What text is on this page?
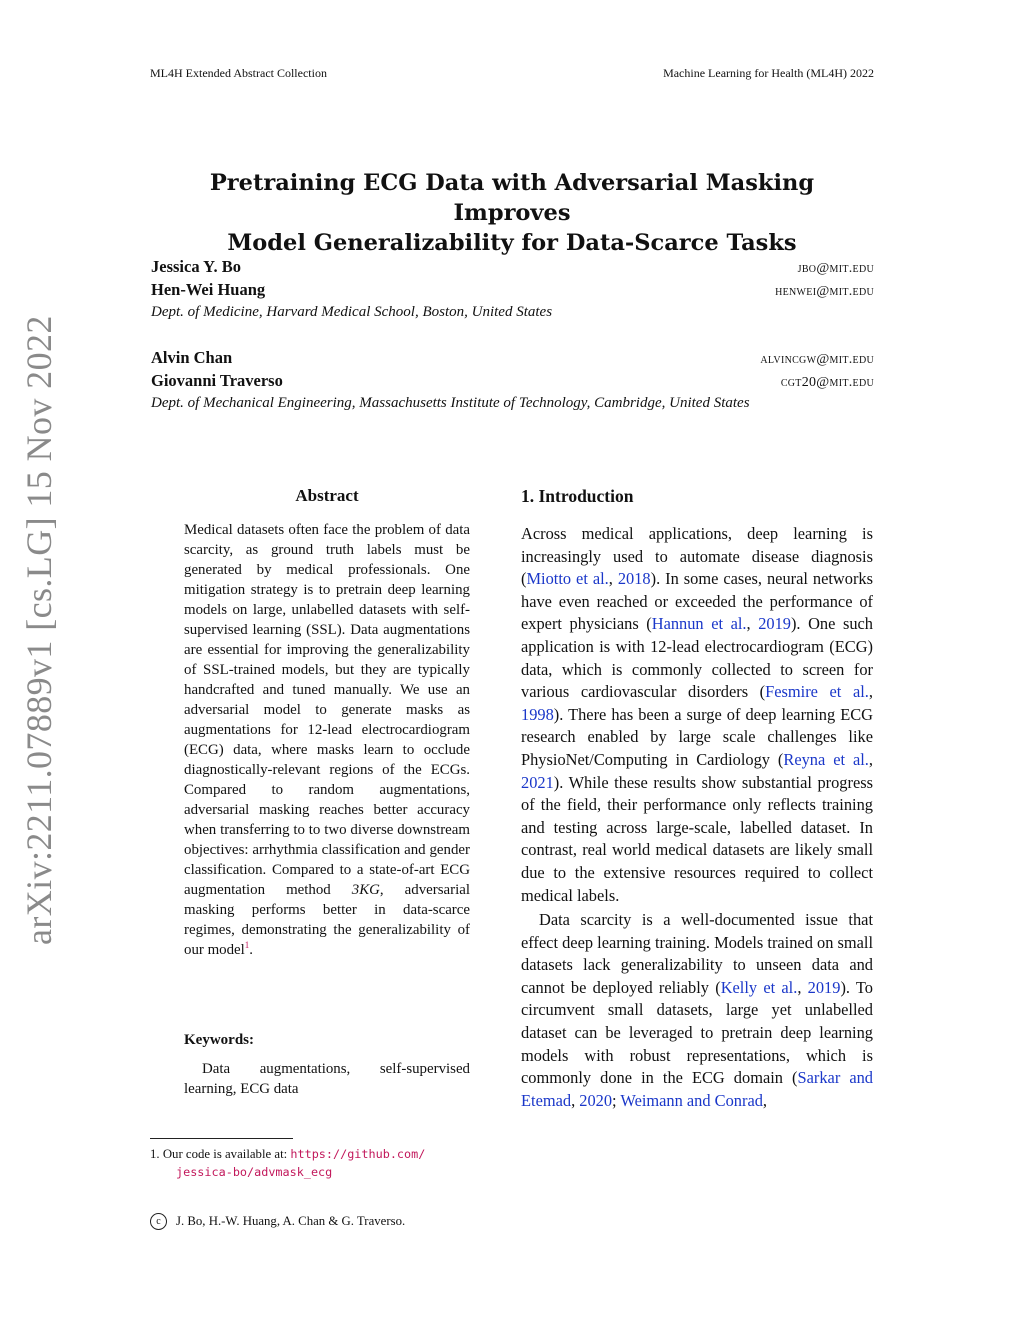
ML4H Extended Abstract Collection	Machine Learning for Health (ML4H) 2022
arXiv:2211.07889v1 [cs.LG] 15 Nov 2022
Pretraining ECG Data with Adversarial Masking Improves
Model Generalizability for Data-Scarce Tasks
Jessica Y. Bo	jbo@mit.edu
Hen-Wei Huang	henwei@mit.edu
Dept. of Medicine, Harvard Medical School, Boston, United States
Alvin Chan	alvincgw@mit.edu
Giovanni Traverso	cgt20@mit.edu
Dept. of Mechanical Engineering, Massachusetts Institute of Technology, Cambridge, United States
Abstract
Medical datasets often face the problem of data scarcity, as ground truth labels must be generated by medical professionals. One mitigation strategy is to pretrain deep learning models on large, unlabelled datasets with self-supervised learning (SSL). Data augmentations are essential for improving the generalizability of SSL-trained models, but they are typically handcrafted and tuned manually. We use an adversarial model to generate masks as augmentations for 12-lead electrocardiogram (ECG) data, where masks learn to occlude diagnostically-relevant regions of the ECGs. Compared to random augmentations, adversarial masking reaches better accuracy when transferring to to two diverse downstream objectives: arrhythmia classification and gender classification. Compared to a state-of-art ECG augmentation method 3KG, adversarial masking performs better in data-scarce regimes, demonstrating the generalizability of our model$^1$.
Keywords:
Data augmentations, self-supervised learning, ECG data
1. Our code is available at: https://github.com/
jessica-bo/advmask_ecg
c	J. Bo, H.-W. Huang, A. Chan & G. Traverso.
1. Introduction

Across medical applications, deep learning is increasingly used to automate disease diagnosis (Miotto et al., 2018). In some cases, neural networks have even reached or exceeded the performance of expert physicians (Hannun et al., 2019). One such application is with 12-lead electrocardiogram (ECG) data, which is commonly collected to screen for various cardiovascular disorders (Fesmire et al., 1998). There has been a surge of deep learning ECG research enabled by large scale challenges like PhysioNet/Computing in Cardiology (Reyna et al., 2021). While these results show substantial progress of the field, their performance only reflects training and testing across large-scale, labelled dataset. In contrast, real world medical datasets are likely small due to the extensive resources required to collect medical labels.

Data scarcity is a well-documented issue that effect deep learning training. Models trained on small datasets lack generalizability to unseen data and cannot be deployed reliably (Kelly et al., 2019). To circumvent small datasets, large yet unlabelled dataset can be leveraged to pretrain deep learning models with robust representations, which is commonly done in the ECG domain (Sarkar and Etemad, 2020; Weimann and Conrad,
